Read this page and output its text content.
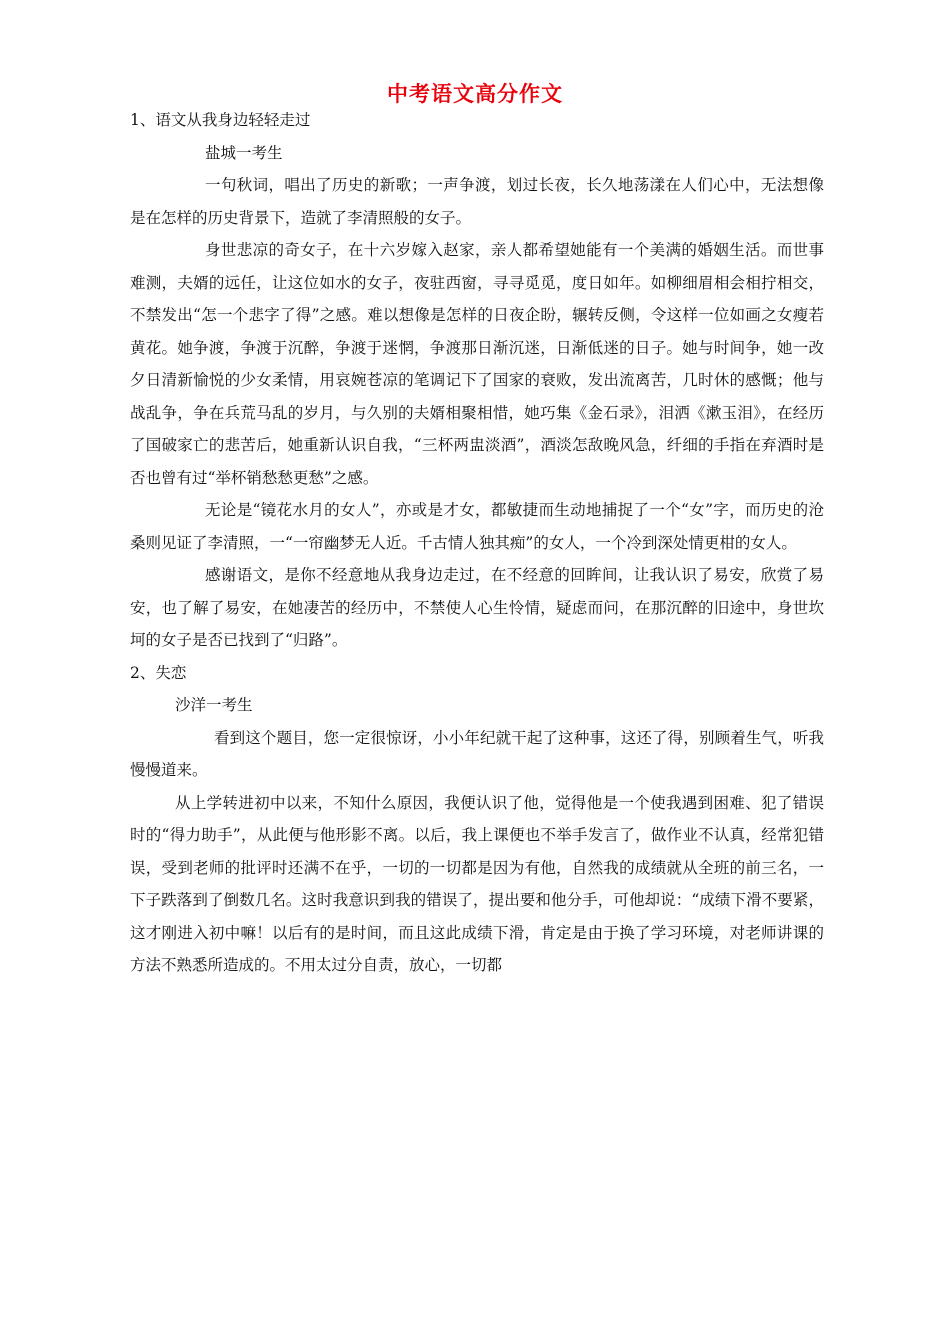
中考语文高分作文

1、语文从我身边轻轻走过

盐城一考生

一句秋词，唱出了历史的新歌；一声争渡，划过长夜，长久地荡漾在人们心中，无法想像是在怎样的历史背景下，造就了李清照般的女子。

身世悲凉的奇女子，在十六岁嫁入赵家，亲人都希望她能有一个美满的婚姻生活。而世事难测，夫婿的远任，让这位如水的女子，夜驻西窗，寻寻觅觅，度日如年。如柳细眉相会相拧相交，不禁发出“怎一个悲字了得”之感。难以想像是怎样的日夜企盼，辗转反侧，令这样一位如画之女瘦若黄花。她争渡，争渡于沉醉，争渡于迷惘，争渡那日渐沉迷，日渐低迷的日子。她与时间争，她一改夕日清新愉悦的少女柔情，用哀婉苍凉的笔调记下了国家的衰败，发出流离苦，几时休的感慨；他与战乱争，争在兵荒马乱的岁月，与久别的夫婿相聚相惜，她巧集《金石录》，泪洒《漱玉泪》，在经历了国破家亡的悲苦后，她重新认识自我，“三杯两盅淡酒”，酒淡怎敌晚风急，纤细的手指在弃酒时是否也曾有过“举杯销愁愁更愁”之感。

无论是“镜花水月的女人”，亦或是才女，都敏捷而生动地捕捉了一个“女”字，而历史的沧桑则见证了李清照，一“一帘幽梦无人近。千古情人独其痴”的女人，一个冷到深处情更柑的女人。

感谢语文，是你不经意地从我身边走过，在不经意的回眸间，让我认识了易安，欣赏了易安，也了解了易安，在她凄苦的经历中，不禁使人心生怜情，疑虑而问，在那沉醉的旧途中，身世坎坷的女子是否已找到了“归路”。

2、失恋

沙洋一考生

看到这个题目，您一定很惊讶，小小年纪就干起了这种事，这还了得，别顾着生气，听我慢慢道来。

从上学转进初中以来，不知什么原因，我便认识了他，觉得他是一个使我遇到困难、犯了错误时的“得力助手”，从此便与他形影不离。以后，我上课便也不举手发言了，做作业不认真，经常犯错误，受到老师的批评时还满不在乎，一切的一切都是因为有他，自然我的成绩就从全班的前三名，一下子跌落到了倒数几名。这时我意识到我的错误了，提出要和他分手，可他却说：“成绩下滑不要紧，这才刚进入初中嘛！以后有的是时间，而且这此成绩下滑，肯定是由于换了学习环境，对老师讲课的方法不熟悉所造成的。不用太过分自责，放心，一切都
